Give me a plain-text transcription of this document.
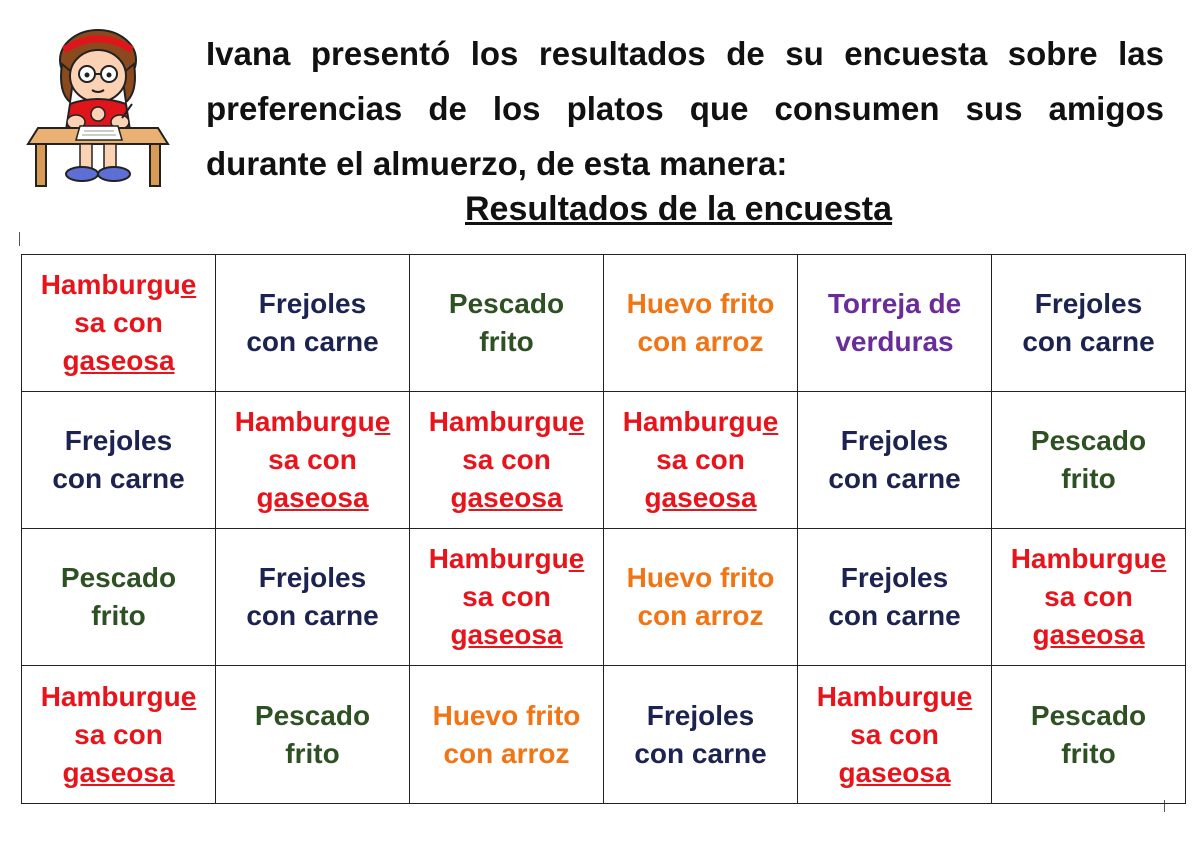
Ivana presentó los resultados de su encuesta sobre las
preferencias de los platos que consumen sus amigos
durante el almuerzo, de esta manera:

Resultados de la encuesta
Hamburgue
sa con
gaseosa	Frejoles
con carne	Pescado
frito	Huevo frito
con arroz	Torreja de
verduras	Frejoles
con carne

Frejoles
con carne	Hamburgue
sa con
gaseosa	Hamburgue
sa con
gaseosa	Hamburgue
sa con
gaseosa	Frejoles
con carne	Pescado
frito

Pescado
frito	Frejoles
con carne	Hamburgue
sa con
gaseosa	Huevo frito
con arroz	Frejoles
con carne	Hamburgue
sa con
gaseosa

Hamburgue
sa con
gaseosa	Pescado
frito	Huevo frito
con arroz	Frejoles
con carne	Hamburgue
sa con
gaseosa	Pescado
frito
